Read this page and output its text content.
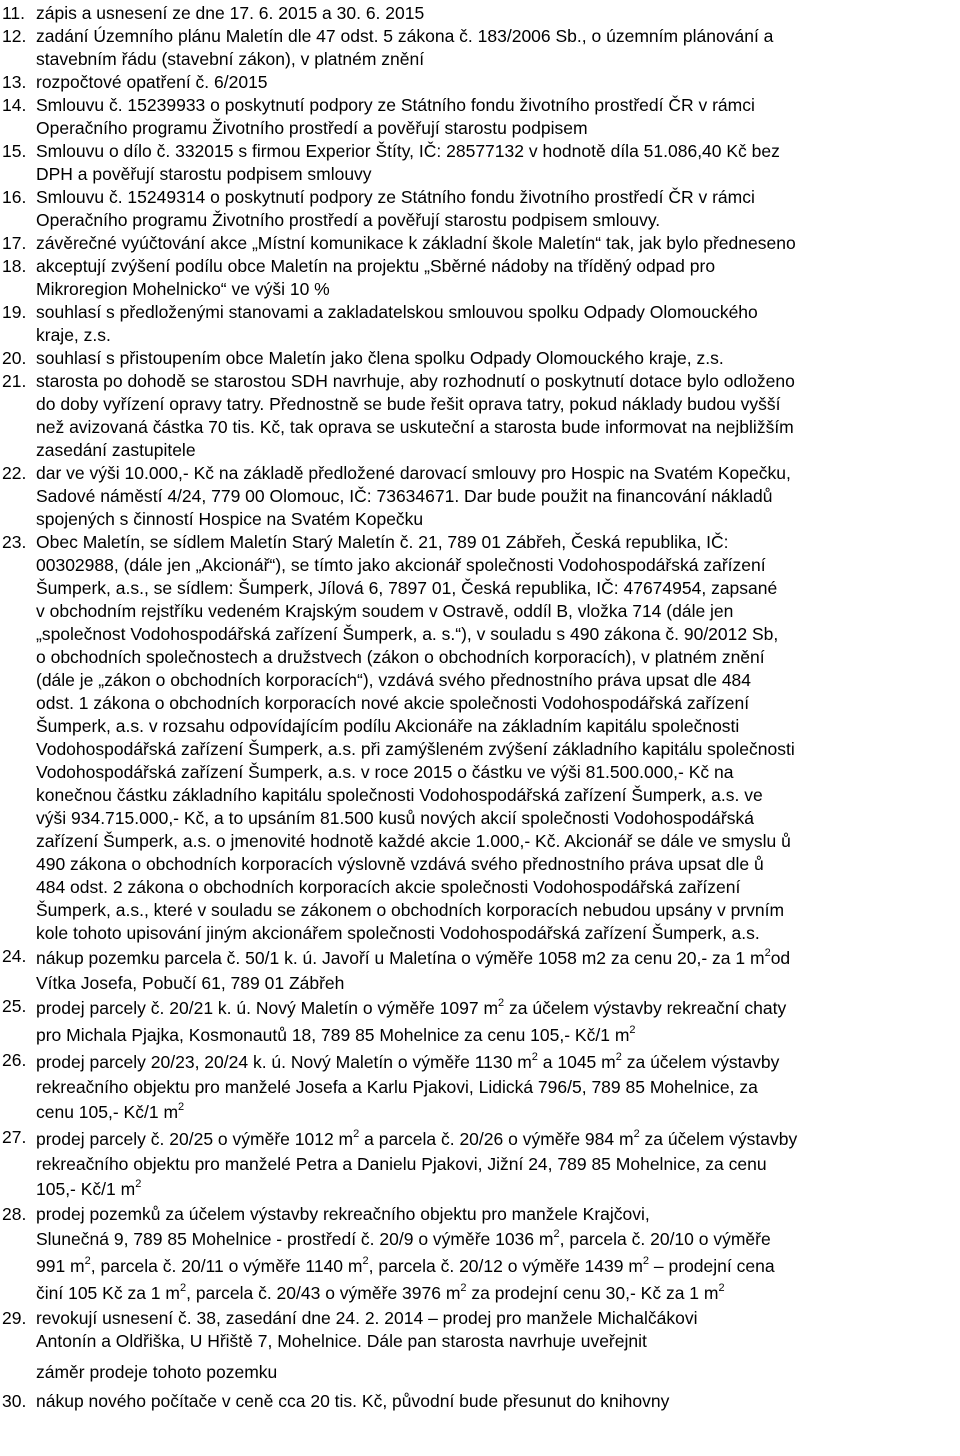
11. zápis a usnesení ze dne 17. 6. 2015 a 30. 6. 2015
12. zadání Územního plánu Maletín dle 47 odst. 5 zákona č. 183/2006 Sb., o územním plánování a
stavebním řádu (stavební zákon), v platném znění
13. rozpočtové opatření č. 6/2015
14. Smlouvu č. 15239933 o poskytnutí podpory ze Státního fondu životního prostředí ČR v rámci
Operačního programu Životního prostředí a pověřují starostu podpisem
15. Smlouvu o dílo č. 332015 s firmou Experior Štíty, IČ: 28577132 v hodnotě díla 51.086,40 Kč bez
DPH a pověřují starostu podpisem smlouvy
16. Smlouvu č. 15249314 o poskytnutí podpory ze Státního fondu životního prostředí ČR v rámci
Operačního programu Životního prostředí a pověřují starostu podpisem smlouvy.
17. závěrečné vyúčtování akce „Místní komunikace k základní škole Maletín“ tak, jak bylo předneseno
18. akceptují zvýšení podílu obce Maletín na projektu „Sběrné nádoby na tříděný odpad pro
Mikroregion Mohelnicko“ ve výši 10 %
19. souhlasí s předloženými stanovami a zakladatelskou smlouvou spolku Odpady Olomouckého
kraje, z.s.
20. souhlasí s přistoupením obce Maletín jako člena spolku Odpady Olomouckého kraje, z.s.
21. starosta po dohodě se starostou SDH navrhuje, aby rozhodnutí o poskytnutí dotace bylo odloženo
do doby vyřízení opravy tatry. Přednostně se bude řešit oprava tatry, pokud náklady budou vyšší
než avizovaná částka 70 tis. Kč, tak oprava se uskuteční a starosta bude informovat na nejbližším
zasedání zastupitele
22. dar ve výši 10.000,- Kč na základě předložené darovací smlouvy pro Hospic na Svatém Kopečku,
Sadové náměstí 4/24, 779 00 Olomouc, IČ: 73634671. Dar bude použit na financování nákladů
spojených s činností Hospice na Svatém Kopečku
23. Obec Maletín, se sídlem Maletín Starý Maletín č. 21, 789 01 Zábřeh, Česká republika, IČ:
00302988, (dále jen „Akcionář“), se tímto jako akcionář společnosti Vodohospodářská zařízení
Šumperk, a.s., se sídlem: Šumperk, Jílová 6, 7897 01, Česká republika, IČ: 47674954, zapsané
v obchodním rejstříku vedeném Krajským soudem v Ostravě, oddíl B, vložka 714 (dále jen
„společnost Vodohospodářská zařízení Šumperk, a. s.“), v souladu s 490 zákona č. 90/2012 Sb,
o obchodních společnostech a družstvech (zákon o obchodních korporacích), v platném znění
(dále je „zákon o obchodních korporacích“), vzdává svého přednostního práva upsat dle 484
odst. 1 zákona o obchodních korporacích nové akcie společnosti Vodohospodářská zařízení
Šumperk, a.s. v rozsahu odpovídajícím podílu Akcionáře na základním kapitálu společnosti
Vodohospodářská zařízení Šumperk, a.s. při zamýšleném zvýšení základního kapitálu společnosti
Vodohospodářská zařízení Šumperk, a.s. v roce 2015 o částku ve výši 81.500.000,- Kč na
konečnou částku základního kapitálu společnosti Vodohospodářská zařízení Šumperk, a.s. ve
výši 934.715.000,- Kč, a to upsáním 81.500 kusů nových akcií společnosti Vodohospodářská
zařízení Šumperk, a.s. o jmenovité hodnotě každé akcie 1.000,- Kč. Akcionář se dále ve smyslu ů
490 zákona o obchodních korporacích výslovně vzdává svého přednostního práva upsat dle ů
484 odst. 2 zákona o obchodních korporacích akcie společnosti Vodohospodářská zařízení
Šumperk, a.s., které v souladu se zákonem o obchodních korporacích nebudou upsány v prvním
kole tohoto upisování jiným akcionářem společnosti Vodohospodářská zařízení Šumperk, a.s.
24. nákup pozemku parcela č. 50/1 k. ú. Javoří u Maletína o výměře 1058 m2 za cenu 20,- za 1 $m^2od$
Vítka Josefa, Pobučí 61, 789 01 Zábřeh
25. prodej parcely č. 20/21 k. ú. Nový Maletín o výměře 1097 $m^2$ za účelem výstavby rekreační chaty
pro Michala Pjajka, Kosmonautů 18, 789 85 Mohelnice za cenu 105,- Kč/1 $m^2$
26. prodej parcely 20/23, 20/24 k. ú. Nový Maletín o výměře 1130 $m^2$ a 1045 $m^2$ za účelem výstavby
rekreačního objektu pro manželé Josefa a Karlu Pjakovi, Lidická 796/5, 789 85 Mohelnice, za
cenu 105,- Kč/1 $m^2$
27. prodej parcely č. 20/25 o výměře 1012 $m^2$ a parcela č. 20/26 o výměře 984 $m^2$ za účelem výstavby
rekreačního objektu pro manželé Petra a Danielu Pjakovi, Jižní 24, 789 85 Mohelnice, za cenu
105,- Kč/1 $m^2$
28. prodej pozemků za účelem výstavby rekreačního objektu pro manžele Krajčovi,
Slunečná 9, 789 85 Mohelnice - prostředí č. 20/9 o výměře 1036 $m^2$, parcela č. 20/10 o výměře
991 $m^2$, parcela č. 20/11 o výměře 1140 $m^2$, parcela č. 20/12 o výměře 1439 $m^2$ – prodejní cena
činí 105 Kč za 1 $m^2$, parcela č. 20/43 o výměře 3976 $m^2$ za prodejní cenu 30,- Kč za 1 $m^2$
29. revokují usnesení č. 38, zasedání dne 24. 2. 2014 – prodej pro manžele Michalčákovi
Antonín a Oldřiška, U Hřiště 7, Mohelnice. Dále pan starosta navrhuje uveřejnit
záměr prodeje tohoto pozemku
30. nákup nového počítače v ceně cca 20 tis. Kč, původní bude přesunut do knihovny
